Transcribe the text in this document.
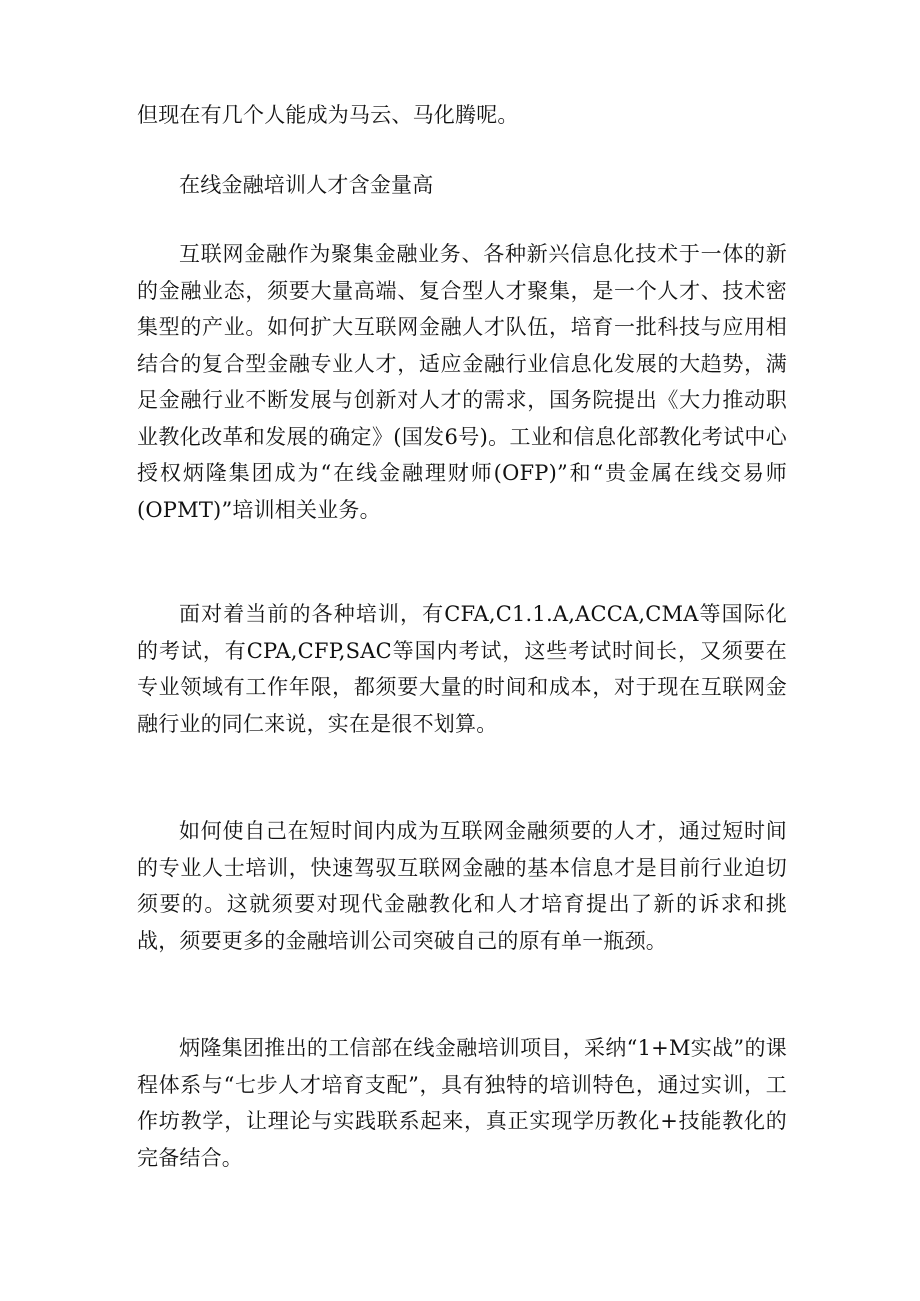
但现在有几个人能成为马云、马化腾呢。

在线金融培训人才含金量高

互联网金融作为聚集金融业务、各种新兴信息化技术于一体的新的金融业态，须要大量高端、复合型人才聚集，是一个人才、技术密集型的产业。如何扩大互联网金融人才队伍，培育一批科技与应用相结合的复合型金融专业人才，适应金融行业信息化发展的大趋势，满足金融行业不断发展与创新对人才的需求，国务院提出《大力推动职业教化改革和发展的确定》(国发6号)。工业和信息化部教化考试中心授权炳隆集团成为“在线金融理财师(OFP)”和“贵金属在线交易师(OPMT)”培训相关业务。

面对着当前的各种培训，有CFA,C1.1.A,ACCA,CMA等国际化的考试，有CPA,CFP,SAC等国内考试，这些考试时间长，又须要在专业领域有工作年限，都须要大量的时间和成本，对于现在互联网金融行业的同仁来说，实在是很不划算。

如何使自己在短时间内成为互联网金融须要的人才，通过短时间的专业人士培训，快速驾驭互联网金融的基本信息才是目前行业迫切须要的。这就须要对现代金融教化和人才培育提出了新的诉求和挑战，须要更多的金融培训公司突破自己的原有单一瓶颈。

炳隆集团推出的工信部在线金融培训项目，采纳“1+M实战”的课程体系与“七步人才培育支配”，具有独特的培训特色，通过实训，工作坊教学，让理论与实践联系起来，真正实现学历教化+技能教化的完备结合。
